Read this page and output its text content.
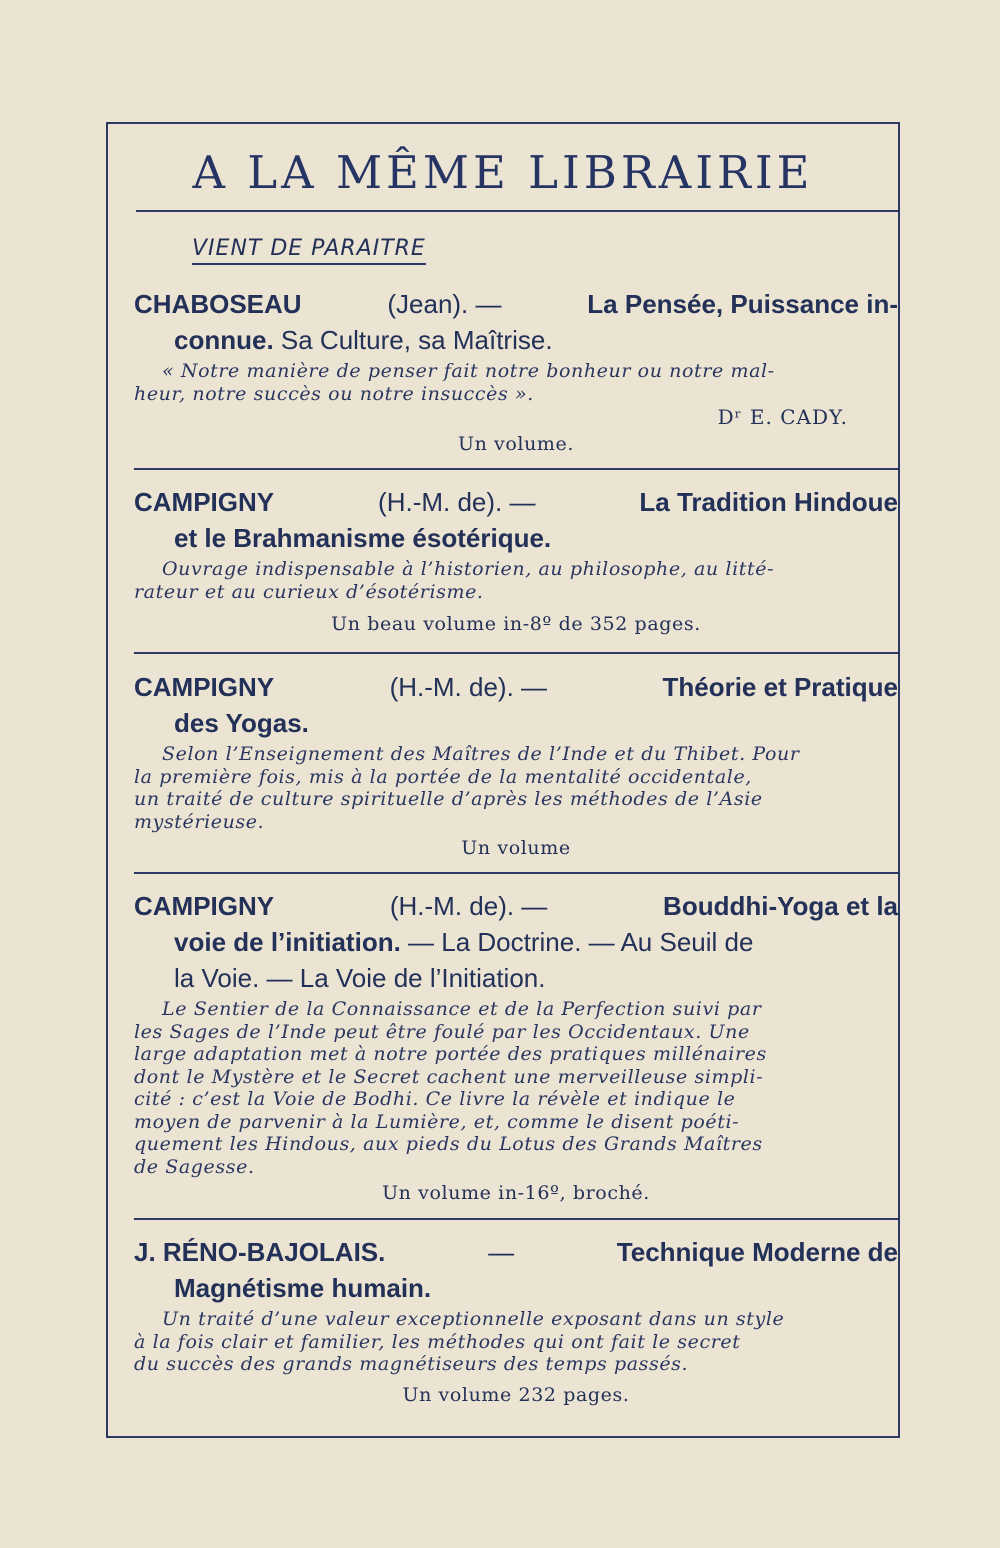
A LA MÊME LIBRAIRIE
VIENT DE PARAITRE
CHABOSEAU	(Jean). —	La Pensée, Puissance in-
connue. Sa Culture, sa Maîtrise.
« Notre manière de penser fait notre bonheur ou notre mal-
heur, notre succès ou notre insuccès ».
Dʳ E. CADY.
Un volume.
CAMPIGNY	(H.-M. de). —	La Tradition Hindoue
et le Brahmanisme ésotérique.
Ouvrage indispensable à l’historien, au philosophe, au litté-
rateur et au curieux d’ésotérisme.
Un beau volume in-8º de 352 pages.
CAMPIGNY	(H.-M. de). —	Théorie et Pratique
des Yogas.
Selon l’Enseignement des Maîtres de l’Inde et du Thibet. Pour
la première fois, mis à la portée de la mentalité occidentale,
un traité de culture spirituelle d’après les méthodes de l’Asie
mystérieuse.
Un volume
CAMPIGNY	(H.-M. de). —	Bouddhi-Yoga et la
voie de l’initiation. — La Doctrine. — Au Seuil de
la Voie. — La Voie de l’Initiation.
Le Sentier de la Connaissance et de la Perfection suivi par
les Sages de l’Inde peut être foulé par les Occidentaux. Une
large adaptation met à notre portée des pratiques millénaires
dont le Mystère et le Secret cachent une merveilleuse simpli-
cité : c’est la Voie de Bodhi. Ce livre la révèle et indique le
moyen de parvenir à la Lumière, et, comme le disent poéti-
quement les Hindous, aux pieds du Lotus des Grands Maîtres
de Sagesse.
Un volume in-16º, broché.
J. RÉNO-BAJOLAIS.	—	Technique Moderne de
Magnétisme humain.
Un traité d’une valeur exceptionnelle exposant dans un style
à la fois clair et familier, les méthodes qui ont fait le secret
du succès des grands magnétiseurs des temps passés.
Un volume 232 pages.
